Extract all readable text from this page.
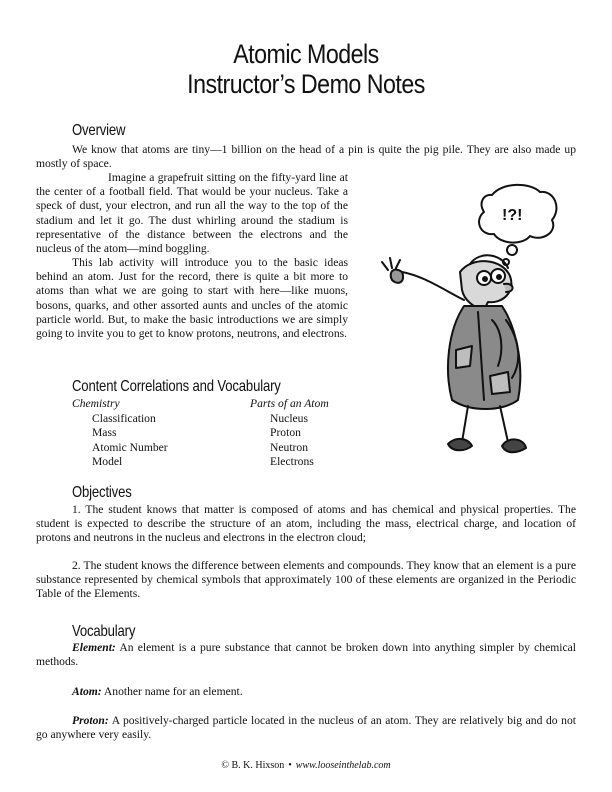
Atomic Models
Instructor’s Demo Notes
Overview

We know that atoms are tiny—1 billion on the head of a pin is quite the pig pile. They are also made up mostly of space.

Imagine a grapefruit sitting on the fifty-yard line at the center of a football field. That would be your nucleus. Take a speck of dust, your electron, and run all the way to the top of the stadium and let it go. The dust whirling around the stadium is representative of the distance between the electrons and the nucleus of the atom—mind boggling.

This lab activity will introduce you to the basic ideas behind an atom. Just for the record, there is quite a bit more to atoms than what we are going to start with here—like muons, bosons, quarks, and other assorted aunts and uncles of the atomic particle world. But, to make the basic introductions we are simply going to invite you to get to know protons, neutrons, and electrons.

!?!
Content Correlations and Vocabulary
Chemistry
Classification
Mass
Atomic Number
Model
Parts of an Atom
Nucleus
Proton
Neutron
Electrons
Objectives

1. The student knows that matter is composed of atoms and has chemical and physical properties. The student is expected to describe the structure of an atom, including the mass, electrical charge, and location of protons and neutrons in the nucleus and electrons in the electron cloud;

2. The student knows the difference between elements and compounds. They know that an element is a pure substance represented by chemical symbols that approximately 100 of these elements are organized in the Periodic Table of the Elements.

Vocabulary

Element: An element is a pure substance that cannot be broken down into anything simpler by chemical methods.

Atom: Another name for an element.

Proton: A positively-charged particle located in the nucleus of an atom. They are relatively big and do not go anywhere very easily.

© B. K. Hixson • www.looseinthelab.com
